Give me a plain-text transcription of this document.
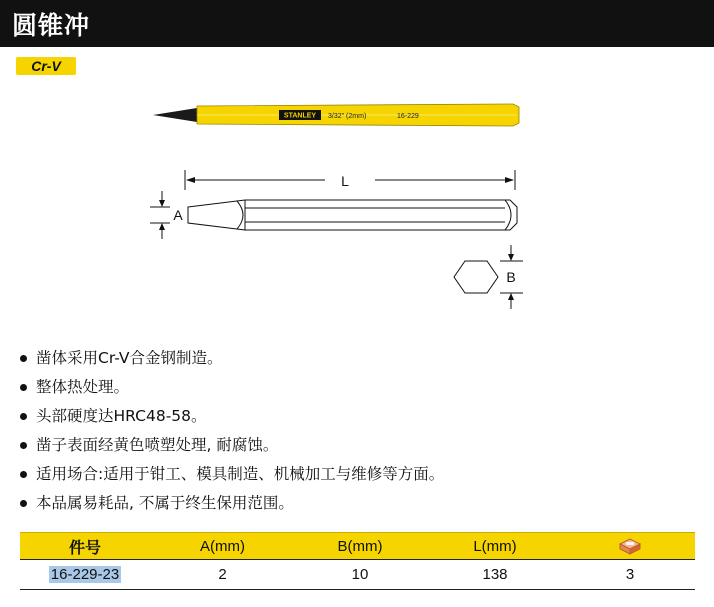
圆锥冲
Cr-V
STANLEY 3/32" (2mm)	16-229
L
A
B
凿体采用Cr-V合金钢制造。
整体热处理。
头部硬度达HRC48-58。
凿子表面经黄色喷塑处理, 耐腐蚀。
适用场合:适用于钳工、模具制造、机械加工与维修等方面。
本品属易耗品, 不属于终生保用范围。
件号	A(mm)	B(mm)	L(mm)
16-229-23	2	10	138	3
